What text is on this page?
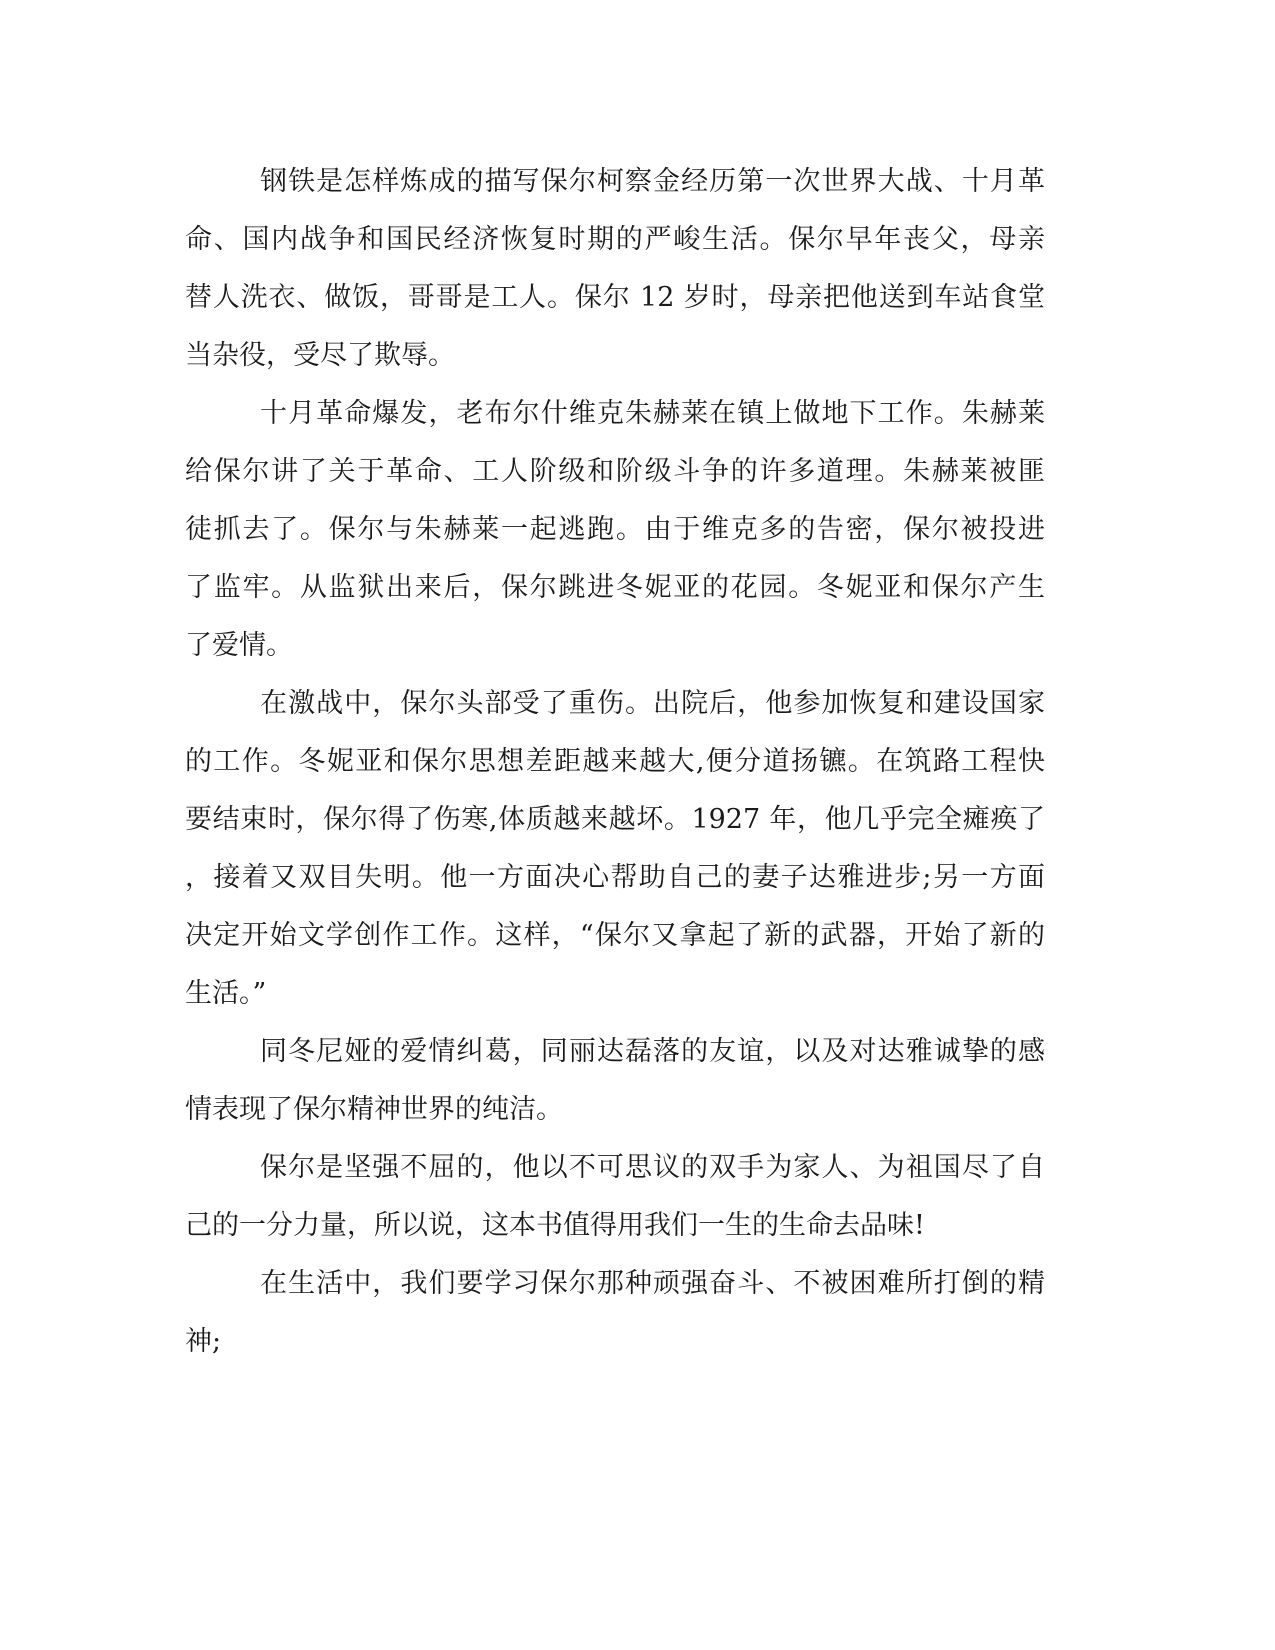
钢铁是怎样炼成的描写保尔柯察金经历第一次世界大战、十月革
命、国内战争和国民经济恢复时期的严峻生活。保尔早年丧父，母亲
替人洗衣、做饭，哥哥是工人。保尔 12 岁时，母亲把他送到车站食堂
当杂役，受尽了欺辱。
十月革命爆发，老布尔什维克朱赫莱在镇上做地下工作。朱赫莱
给保尔讲了关于革命、工人阶级和阶级斗争的许多道理。朱赫莱被匪
徒抓去了。保尔与朱赫莱一起逃跑。由于维克多的告密，保尔被投进
了监牢。从监狱出来后，保尔跳进冬妮亚的花园。冬妮亚和保尔产生
了爱情。
在激战中，保尔头部受了重伤。出院后，他参加恢复和建设国家
的工作。冬妮亚和保尔思想差距越来越大,便分道扬镳。在筑路工程快
要结束时，保尔得了伤寒,体质越来越坏。1927 年，他几乎完全瘫痪了
，接着又双目失明。他一方面决心帮助自己的妻子达雅进步;另一方面
决定开始文学创作工作。这样，“保尔又拿起了新的武器，开始了新的
生活。”
同冬尼娅的爱情纠葛，同丽达磊落的友谊，以及对达雅诚挚的感
情表现了保尔精神世界的纯洁。
保尔是坚强不屈的，他以不可思议的双手为家人、为祖国尽了自
己的一分力量，所以说，这本书值得用我们一生的生命去品味!
在生活中，我们要学习保尔那种顽强奋斗、不被困难所打倒的精
神;
